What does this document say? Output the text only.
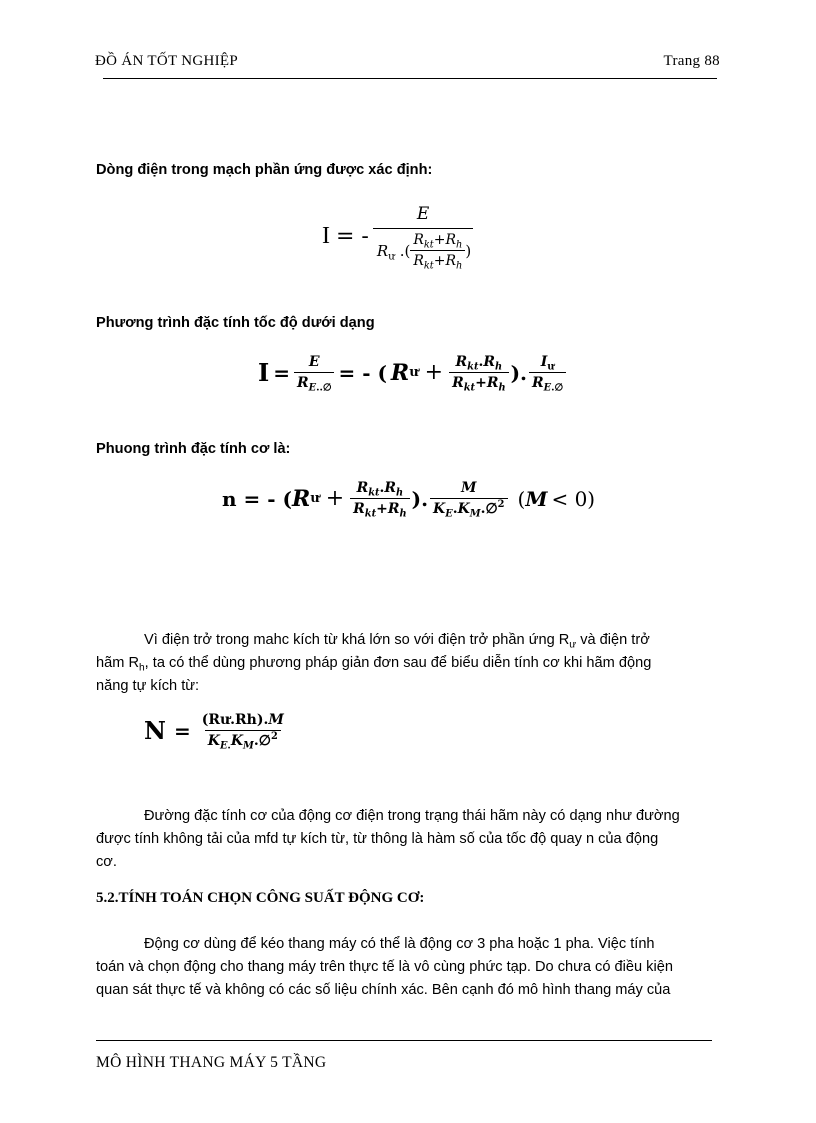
ĐỒ ÁN TỐT NGHIỆP	Trang 88
Dòng điện trong mạch phần ứng được xác định:
I = - $\frac{E}{R_ư .( \frac{R_{kt}+R_h}{R_{kt}+R_h} )}$
Phương trình đặc tính tốc độ dưới dạng
$I = \frac{E}{R_{E..\emptyset}}$ = - ( R ư + $\frac{R_{kt}.R_h}{R_{kt}+R_h}$ ). $\frac{I_ư}{R_{E.\emptyset}}$
Phuong trình đặc tính cơ là:
n = - ( R ư + $\frac{R_{kt}.R_h}{R_{kt}+R_h}$ ). $\frac{M}{K_E.K_M.\emptyset^2}$ ( M < 0)
Vì điện trở trong mahc kích từ khá lớn so với điện trở phần ứng $R_ư$ và điện trở
hãm $R_h$, ta có thể dùng phương pháp giản đơn sau để biểu diễn tính cơ khi hãm động
năng tự kích từ:
$N = \frac{(Rư.Rh).M}{K_{E.}K_M.\emptyset^2}$
Đường đặc tính cơ của động cơ điện trong trạng thái hãm này có dạng như đường
được tính không tải của mfd tự kích từ, từ thông là hàm số của tốc độ quay n của động
cơ.
5.2.TÍNH TOÁN CHỌN CÔNG SUẤT ĐỘNG CƠ:
Động cơ dùng để kéo thang máy có thể là động cơ 3 pha hoặc 1 pha. Việc tính
toán và chọn động cho thang máy trên thực tế là vô cùng phức tạp. Do chưa có điều kiện
quan sát thực tế và không có các số liệu chính xác. Bên cạnh đó mô hình thang máy của
MÔ HÌNH THANG MÁY 5 TẦNG
